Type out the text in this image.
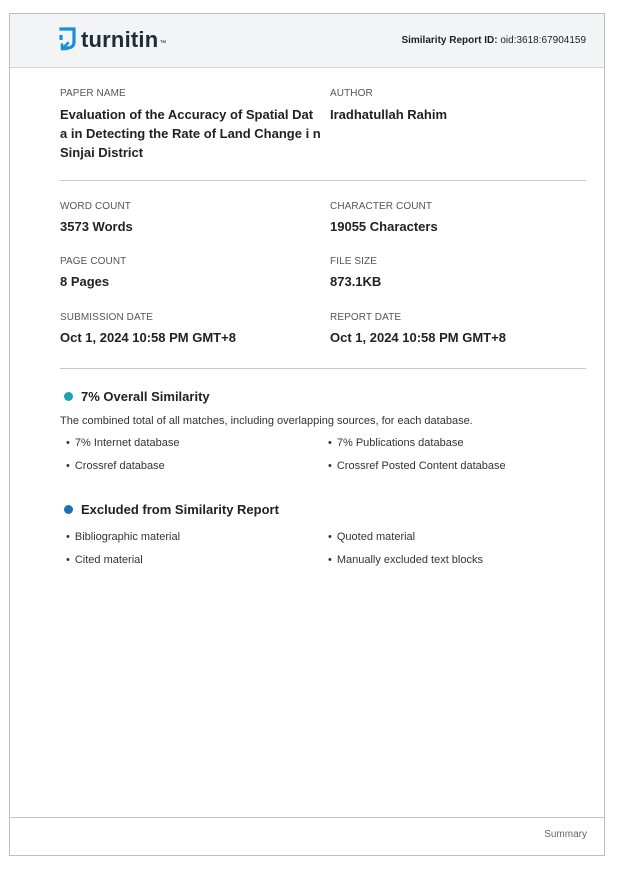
turnitin ™	Similarity Report ID: oid:3618:67904159
PAPER NAME
Evaluation of the Accuracy of Spatial Dat a in Detecting the Rate of Land Change i n Sinjai District
AUTHOR
Iradhatullah Rahim
WORD COUNT
3573 Words
CHARACTER COUNT
19055 Characters
PAGE COUNT
8 Pages
FILE SIZE
873.1KB
SUBMISSION DATE
Oct 1, 2024 10:58 PM GMT+8
REPORT DATE
Oct 1, 2024 10:58 PM GMT+8
7% Overall Similarity
The combined total of all matches, including overlapping sources, for each database.
• 7% Internet database	• 7% Publications database
• Crossref database	• Crossref Posted Content database
Excluded from Similarity Report
• Bibliographic material	• Quoted material
• Cited material	• Manually excluded text blocks
Summary
